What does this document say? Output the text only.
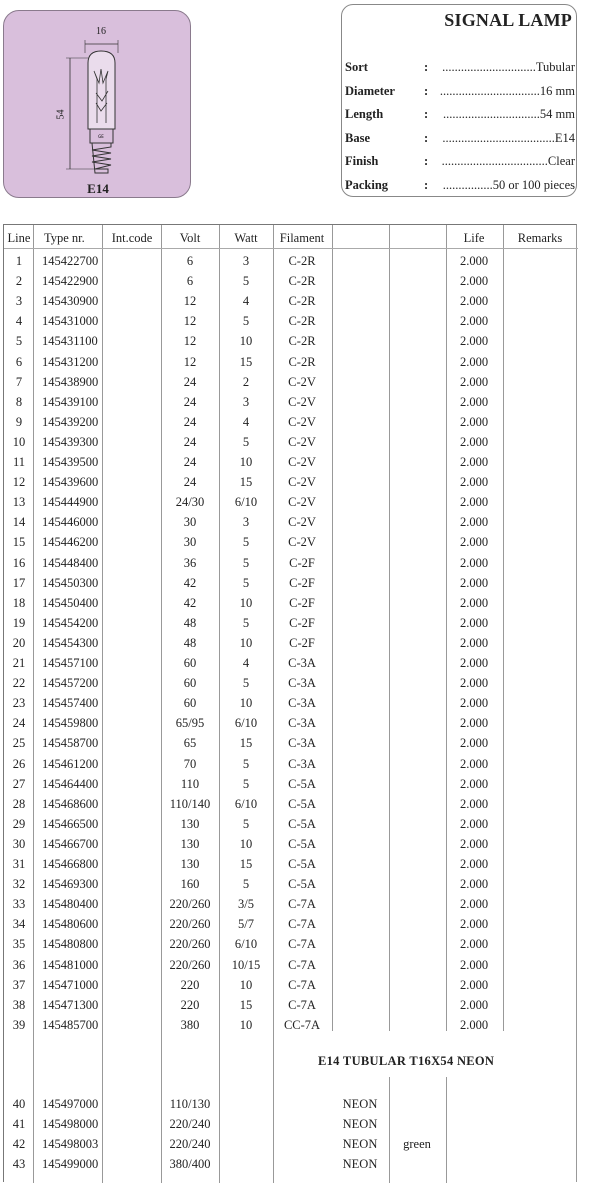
GE
16
54
E14
SIGNAL LAMP
Sort	: ..............................Tubular
Diameter : ................................16 mm
Length	: ...............................54 mm
Base	: ....................................E14
Finish	: ..................................Clear
Packing	: ................50 or 100 pieces
Line Type nr. Int.code Volt	Watt Filament	Life	Remarks
1 145422700	6	3	C-2R	2.000
2 145422900	6	5	C-2R	2.000
3 145430900	12	4	C-2R	2.000
4 145431000	12	5	C-2R	2.000
5 145431100	12	10	C-2R	2.000
6 145431200	12	15	C-2R	2.000
7 145438900	24	2	C-2V	2.000
8 145439100	24	3	C-2V	2.000
9 145439200	24	4	C-2V	2.000
10 145439300	24	5	C-2V	2.000
11 145439500	24	10	C-2V	2.000
12 145439600	24	15	C-2V	2.000
13 145444900	24/30 6/10 C-2V	2.000
14 145446000	30	3	C-2V	2.000
15 145446200	30	5	C-2V	2.000
16 145448400	36	5	C-2F	2.000
17 145450300	42	5	C-2F	2.000
18 145450400	42	10	C-2F	2.000
19 145454200	48	5	C-2F	2.000
20 145454300	48	10	C-2F	2.000
21 145457100	60	4	C-3A	2.000
22 145457200	60	5	C-3A	2.000
23 145457400	60	10	C-3A	2.000
24 145459800	65/95 6/10 C-3A	2.000
25 145458700	65	15	C-3A	2.000
26 145461200	70	5	C-3A	2.000
27 145464400	110	5	C-5A	2.000
28 145468600	110/140 6/10 C-5A	2.000
29 145466500	130	5	C-5A	2.000
30 145466700	130	10	C-5A	2.000
31 145466800	130	15	C-5A	2.000
32 145469300	160	5	C-5A	2.000
33 145480400	220/260 3/5	C-7A	2.000
34 145480600	220/260 5/7	C-7A	2.000
35 145480800	220/260 6/10 C-7A	2.000
36 145481000	220/260 10/15 C-7A	2.000
37 145471000	220	10	C-7A	2.000
38 145471300	220	15	C-7A	2.000
39 145485700	380	10	CC-7A	2.000
40 145497000	110/130	NEON
41 145498000	220/240	NEON
42 145498003	220/240	NEON green
43 145499000	380/400	NEON
E14 TUBULAR T16X54 NEON
